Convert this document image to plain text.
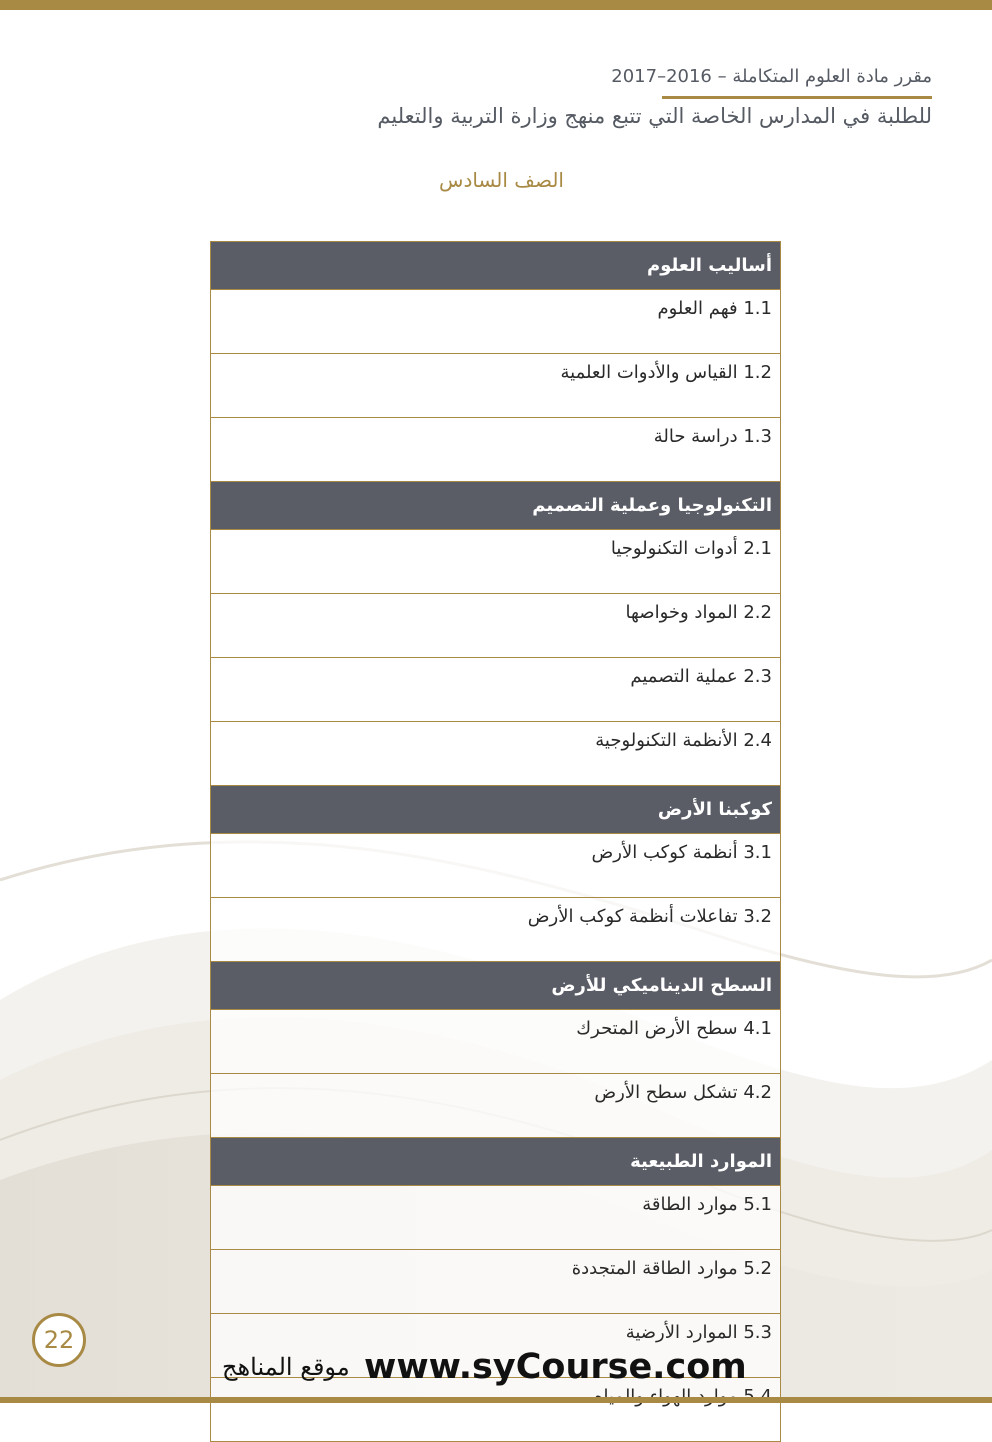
مقرر مادة العلوم المتكاملة – 2016–2017
للطلبة في المدارس الخاصة التي تتبع منهج وزارة التربية والتعليم
الصف السادس
أساليب العلوم
1.1 فهم العلوم
1.2 القياس والأدوات العلمية
1.3 دراسة حالة
التكنولوجيا وعملية التصميم
2.1 أدوات التكنولوجيا
2.2 المواد وخواصها
2.3 عملية التصميم
2.4 الأنظمة التكنولوجية
كوكبنا الأرض
3.1 أنظمة كوكب الأرض
3.2 تفاعلات أنظمة كوكب الأرض
السطح الديناميكي للأرض
4.1 سطح الأرض المتحرك
4.2 تشكل سطح الأرض
الموارد الطبيعية
5.1 موارد الطاقة
5.2 موارد الطاقة المتجددة
5.3 الموارد الأرضية

22
موقع المناهج www.syCourse.com
